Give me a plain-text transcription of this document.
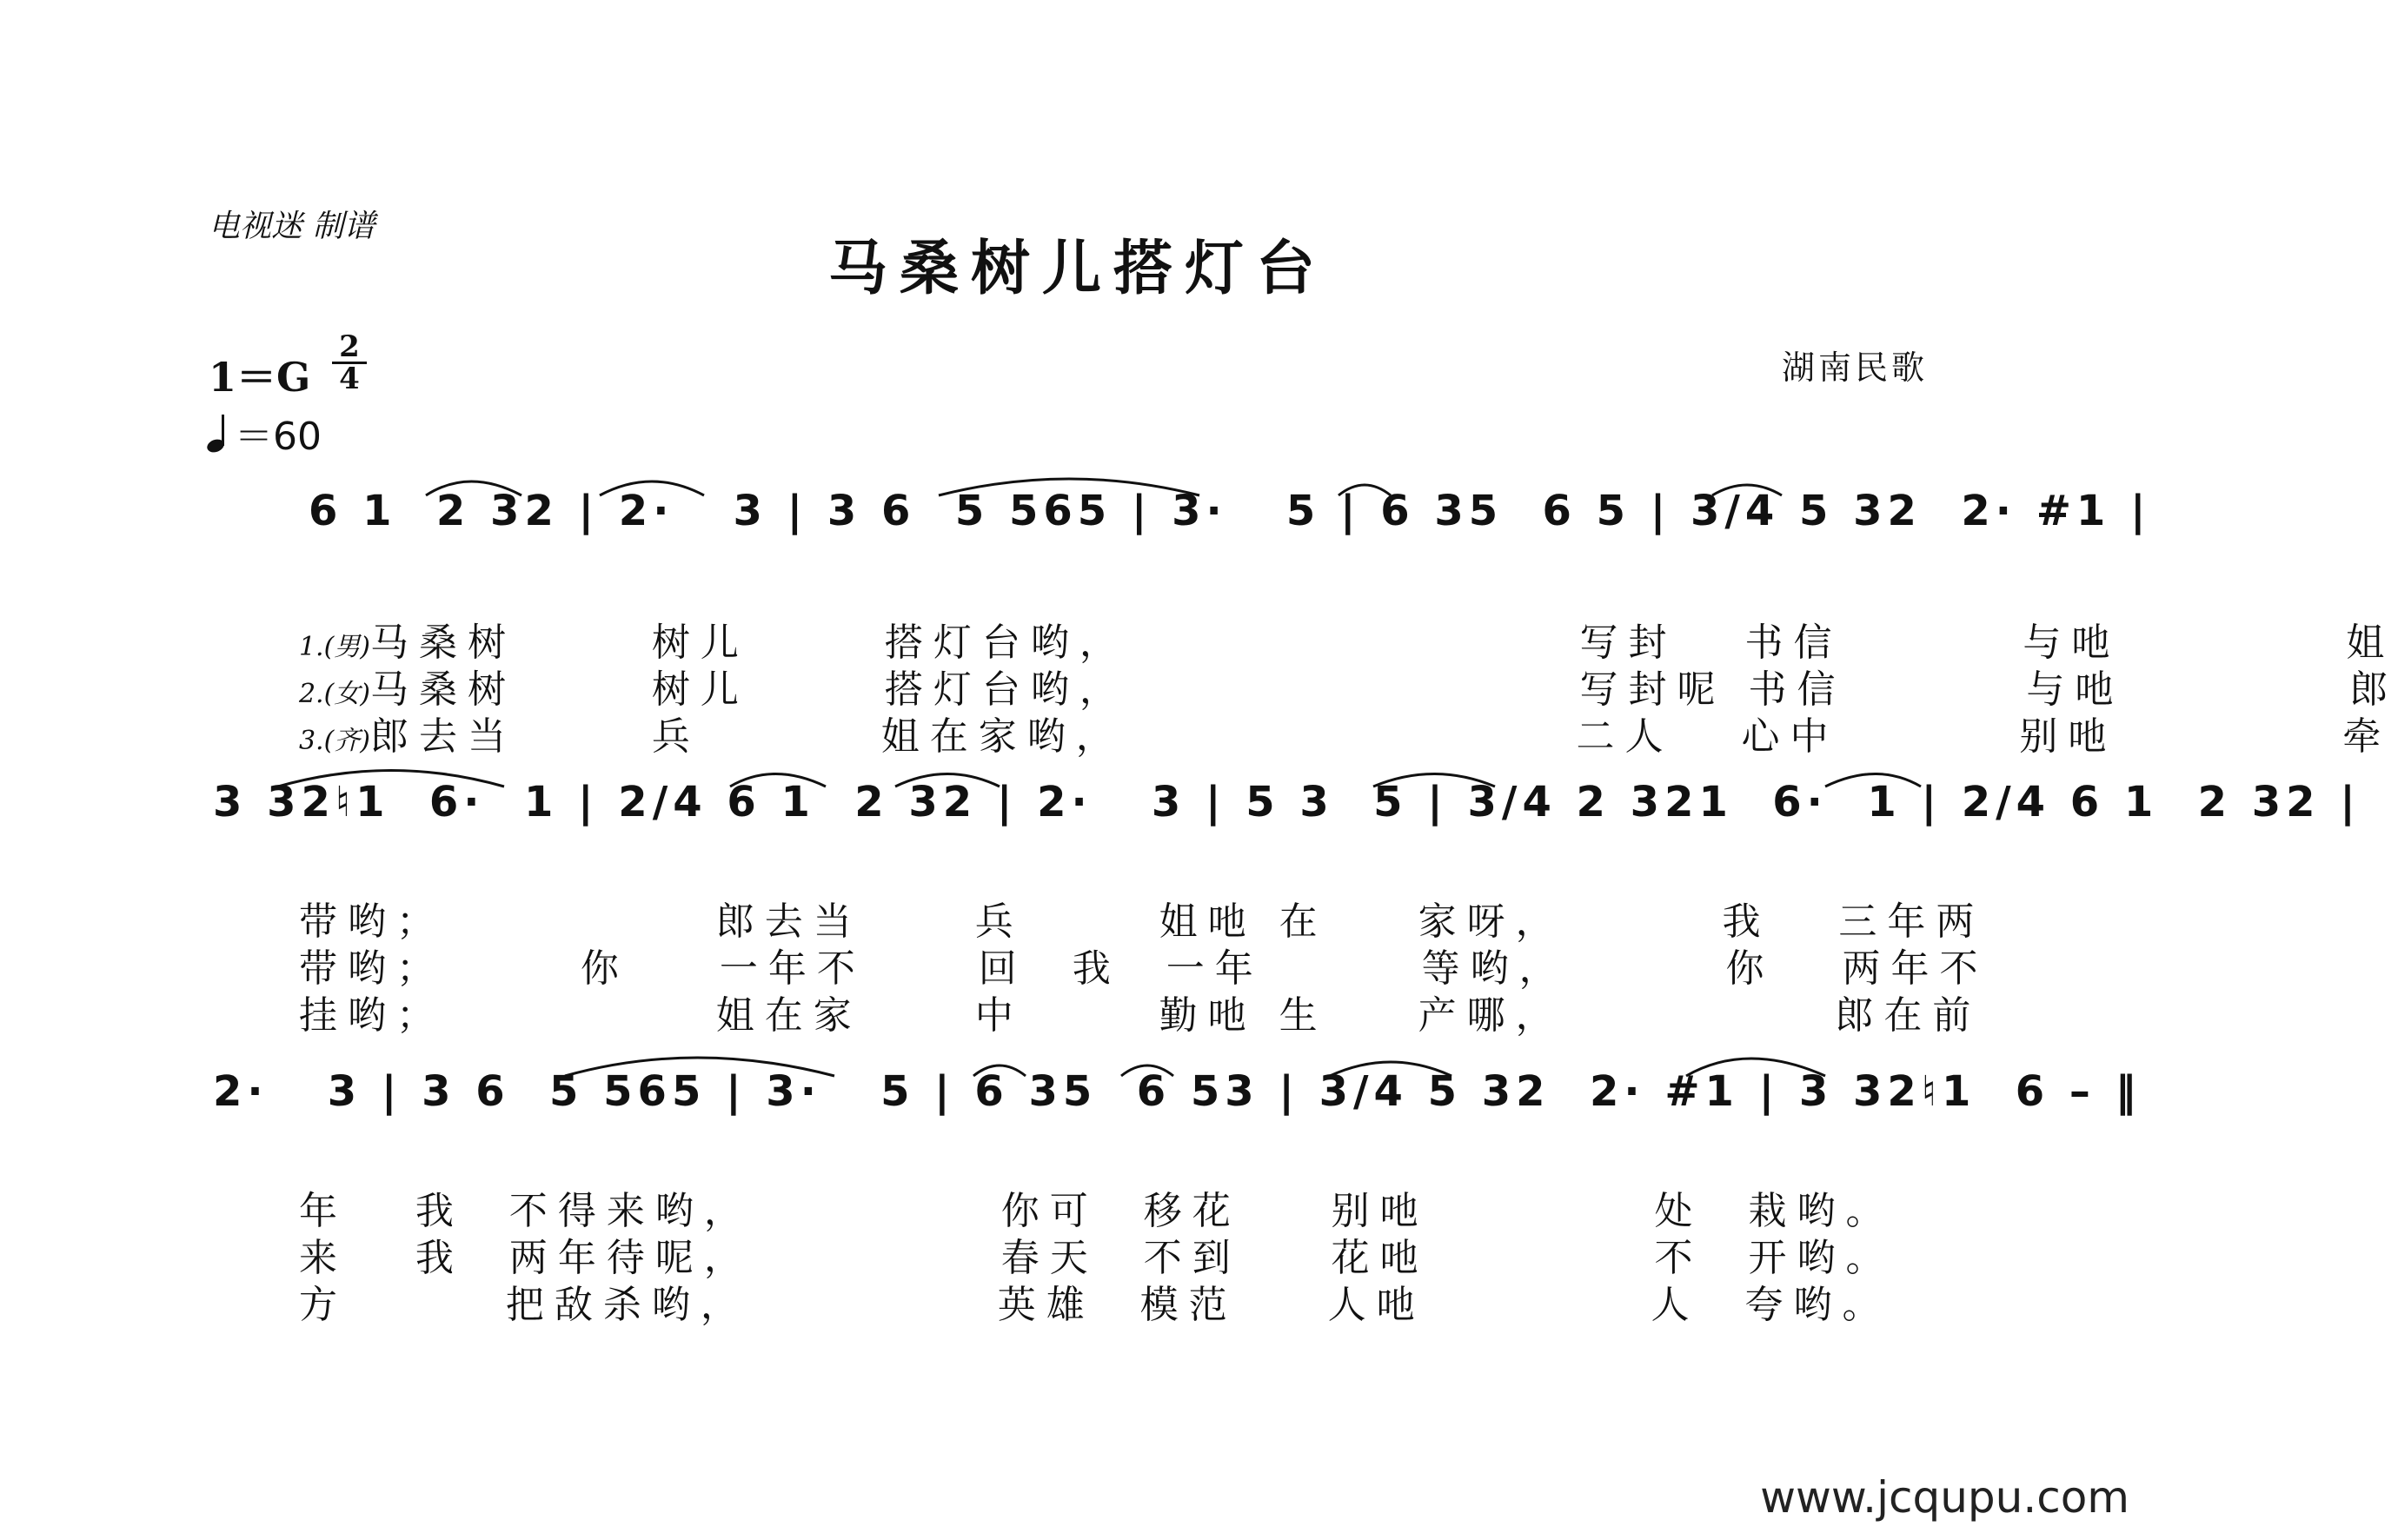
电视迷 制谱
马桑树儿搭灯台
湖南民歌
1＝G
2
4
＝60
6 1  2 32 | 2·   3 | 3 6  5 565 | 3·   5 | 6 35  6 5 | 3/4 5 32  2· #1 |

1.(男)马桑树      树儿      搭灯台哟，                    写封   书信        与吔          姐

2.(女)马桑树      树儿      搭灯台哟，                    写封呢 书信        与吔          郎

3.(齐)郎去当      兵        姐在家哟，                    二人   心中        别吔          牵

3 32♮1  6·  1 | 2/4 6 1  2 32 | 2·   3 | 5 3  5 | 3/4 2 321  6·  1 | 2/4 6 1  2 32 |

带哟；            郎去当     兵      姐吔 在    家呀，       我   三年两

带哟；      你    一年不     回  我  一年       等哟，       你   两年不

挂哟；            姐在家     中      勤吔 生    产哪，            郎在前

2·   3 | 3 6  5 565 | 3·   5 | 6 35  6 53 | 3/4 5 32  2· #1 | 3 32♮1  6 – ‖

年   我  不得来哟，           你可  移花    别吔          处  栽哟。

来   我  两年待呢，           春天  不到    花吔          不  开哟。

方       把敌杀哟，           英雄  模范    人吔          人  夸哟。

www.jcqupu.com
